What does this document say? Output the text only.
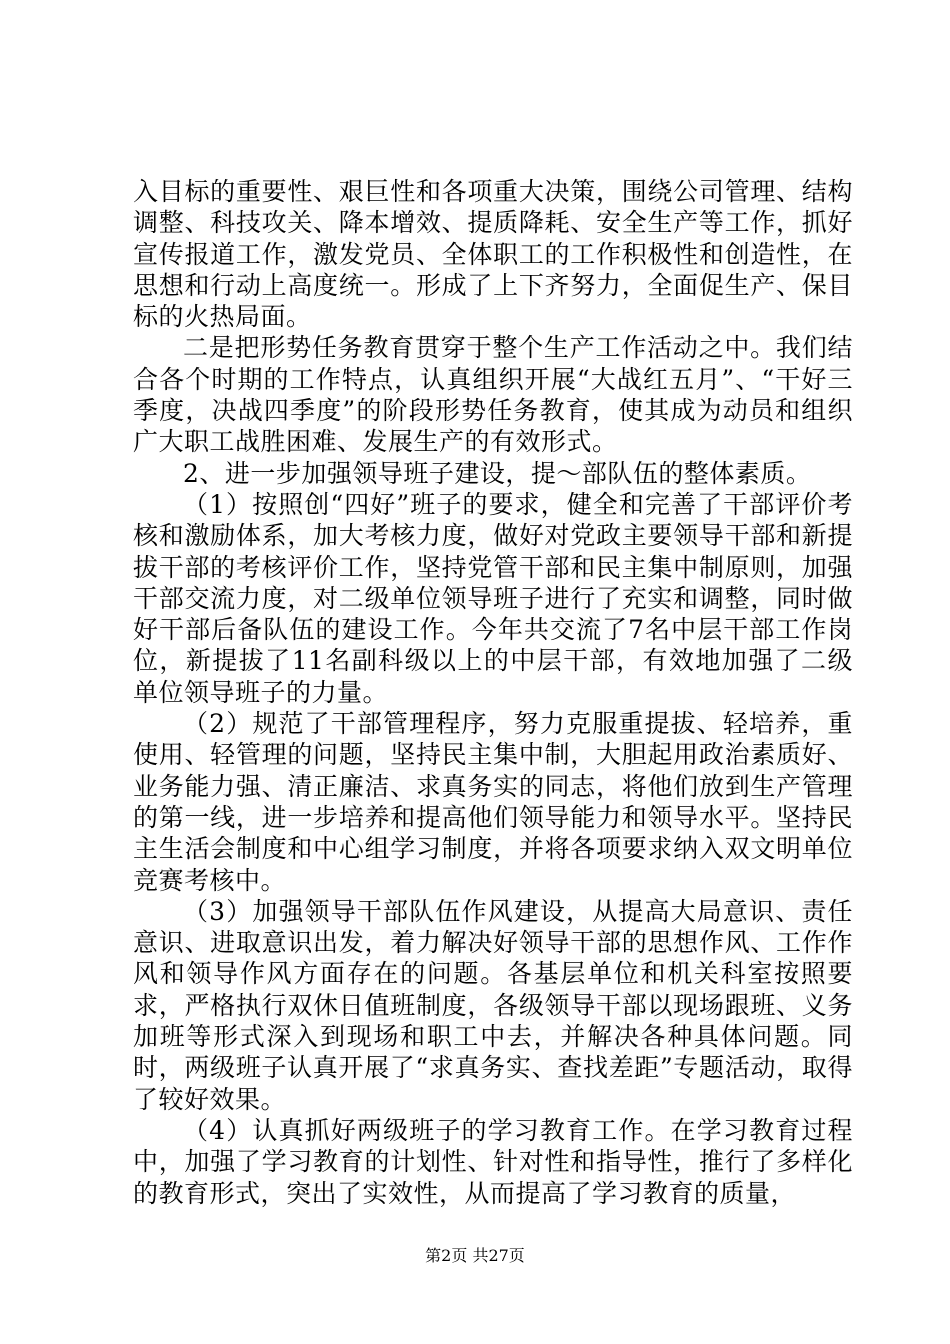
入目标的重要性、艰巨性和各项重大决策，围绕公司管理、结构调整、科技攻关、降本增效、提质降耗、安全生产等工作，抓好宣传报道工作，激发党员、全体职工的工作积极性和创造性，在思想和行动上高度统一。形成了上下齐努力，全面促生产、保目标的火热局面。

二是把形势任务教育贯穿于整个生产工作活动之中。我们结合各个时期的工作特点，认真组织开展“大战红五月”、“干好三季度，决战四季度”的阶段形势任务教育，使其成为动员和组织广大职工战胜困难、发展生产的有效形式。

2、进一步加强领导班子建设，提～部队伍的整体素质。

（1）按照创“四好”班子的要求，健全和完善了干部评价考核和激励体系，加大考核力度，做好对党政主要领导干部和新提拔干部的考核评价工作，坚持党管干部和民主集中制原则，加强干部交流力度，对二级单位领导班子进行了充实和调整，同时做好干部后备队伍的建设工作。今年共交流了7名中层干部工作岗位，新提拔了11名副科级以上的中层干部，有效地加强了二级单位领导班子的力量。

（2）规范了干部管理程序，努力克服重提拔、轻培养，重使用、轻管理的问题，坚持民主集中制，大胆起用政治素质好、业务能力强、清正廉洁、求真务实的同志，将他们放到生产管理的第一线，进一步培养和提高他们领导能力和领导水平。坚持民主生活会制度和中心组学习制度，并将各项要求纳入双文明单位竞赛考核中。

（3）加强领导干部队伍作风建设，从提高大局意识、责任意识、进取意识出发，着力解决好领导干部的思想作风、工作作风和领导作风方面存在的问题。各基层单位和机关科室按照要求，严格执行双休日值班制度，各级领导干部以现场跟班、义务加班等形式深入到现场和职工中去，并解决各种具体问题。同时，两级班子认真开展了“求真务实、查找差距”专题活动，取得了较好效果。

（4）认真抓好两级班子的学习教育工作。在学习教育过程中，加强了学习教育的计划性、针对性和指导性，推行了多样化的教育形式，突出了实效性，从而提高了学习教育的质量，

第2页 共27页
